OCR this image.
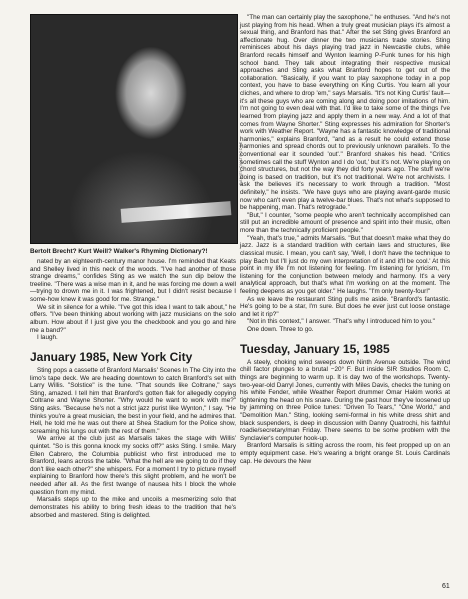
DANIEL QUATROCHE
Bertolt Brecht? Kurt Weill? Walker's Rhyming Dictionary?!

nated by an eighteenth-century manor house. I'm reminded that Keats and Shelley lived in this neck of the woods. "I've had another of those strange dreams," confides Sting as we watch the sun dip below the treeline. "There was a wise man in it, and he was forcing me down a well—trying to drown me in it. I was frightened, but I didn't resist because I some-how knew it was good for me. Strange."

We sit in silence for a while. "I've got this idea I want to talk about," he offers. "I've been thinking about working with jazz musicians on the solo album. How about if I just give you the checkbook and you go and hire me a band?"

I laugh.

January 1985, New York City

Sting pops a cassette of Branford Marsalis' Scenes In The City into the limo's tape deck. We are heading downtown to catch Branford's set with Larry Willis. "Solstice" is the tune. "That sounds like Coltrane," says Sting, amazed. I tell him that Branford's gotten flak for allegedly copying Coltrane and Wayne Shorter. "Why would he want to work with me?" Sting asks. "Because he's not a strict jazz purist like Wynton," I say. "He thinks you're a great musician, the best in your field, and he admires that. Hell, he told me he was out there at Shea Stadium for the Police show, screaming his lungs out with the rest of them."

We arrive at the club just as Marsalis takes the stage with Willis' quintet. "So is this gonna knock my socks off?" asks Sting. I smile. Mary Ellen Cabrero, the Columbia publicist who first introduced me to Branford, leans across the table. "What the hell are we going to do if they don't like each other?" she whispers. For a moment I try to picture myself explaining to Branford how there's this slight problem, and he won't be needed after all. As the first twange of nausea hits I block the whole question from my mind.

Marsalis steps up to the mike and uncoils a mesmerizing solo that demonstrates his ability to bring fresh ideas to the tradition that he's absorbed and mastered. Sting is delighted.

"The man can certainly play the saxophone," he enthuses. "And he's not just playing from his head. When a truly great musician plays it's almost a sexual thing, and Branford has that." After the set Sting gives Branford an affectionate hug. Over dinner the two musicians trade stories. Sting reminisces about his days playing trad jazz in Newcastle clubs, while Branford recalls himself and Wynton learning P-Funk tunes for his high school band. They talk about integrating their respective musical approaches and Sting asks what Branford hopes to get out of the collaboration. "Basically, if you want to play saxophone today in a pop context, you have to base everything on King Curtis. You learn all your cliches, and where to drop 'em," says Marsalis. "It's not King Curtis' fault—it's all these guys who are coming along and doing poor imitations of him. I'm not going to even deal with that. I'd like to take some of the things I've learned from playing jazz and apply them in a new way. And a lot of that comes from Wayne Shorter." Sting expresses his admiration for Shorter's work with Weather Report. "Wayne has a fantastic knowledge of traditional harmonies," explains Branford, "and as a result he could extend those harmonies and spread chords out to previously unknown parallels. To the conventional ear it sounded 'out'." Branford shakes his head. "Critics sometimes call the stuff Wynton and I do 'out,' but it's not. We're playing on chord structures, but not the way they did forty years ago. The stuff we're doing is based on tradition, but it's not traditional. We're not archivists. I ask the believes it's necessary to work through a tradition. "Most definitely," he insists. "We have guys who are playing avant-garde music now who can't even play a twelve-bar blues. That's not what's supposed to be happening, man. That's retrograde."

"But," I counter, "some people who aren't technically accomplished can still put an incredible amount of presence and spirit into their music, often more than the technically proficient people."

"Yeah, that's true," admits Marsalis. "But that doesn't make what they do jazz. Jazz is a standard tradition with certain laws and structures, like classical music. I mean, you can't say, 'Well, I don't have the technique to play Bach but I'll just do my own interpretation of it and it'll be cool.' At this point in my life I'm not listening for feeling. I'm listening for lyricism, I'm listening for the conjunction between melody and harmony. It's a very analytical approach, but that's what I'm working on at the moment. The feeling deepens as you get older." He laughs. "I'm only twenty-four!"

As we leave the restaurant Sting pulls me aside. "Branford's fantastic. He's going to be a star, I'm sure. But does he ever just cut loose onstage and let it rip?"

"Not in this context," I answer. "That's why I introduced him to you."

One down. Three to go.

Tuesday, January 15, 1985

A steely, choking wind sweeps down Ninth Avenue outside. The wind chill factor plunges to a brutal −20° F. But inside SIR Studios Room C, things are beginning to warm up. It is day two of the workshops. Twenty-two-year-old Darryl Jones, currently with Miles Davis, checks the tuning on his white Fender, while Weather Report drummer Omar Hakim works at tightening the head on his snare. During the past hour they've loosened up by jamming on three Police tunes: "Driven To Tears," "One World," and "Demolition Man." Sting, looking semi-formal in his white dress shirt and black suspenders, is deep in discussion with Danny Quatrochi, his faithful roadie/secretary/man Friday. There seems to be some problem with the Synclavier's computer hook-up.

Branford Marsalis is sitting across the room, his feet propped up on an empty equipment case. He's wearing a bright orange St. Louis Cardinals cap. He devours the New

61
